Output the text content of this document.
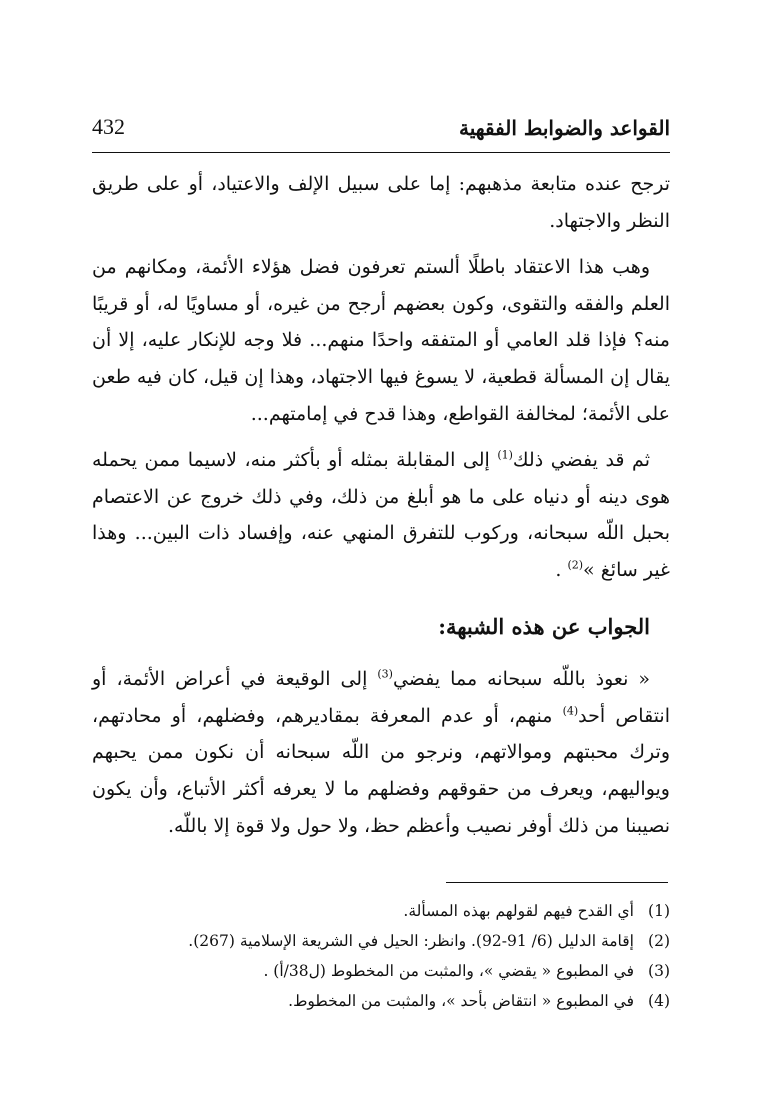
القواعد والضوابط الفقهية
432

ترجح عنده متابعة مذهبهم: إما على سبيل الإلف والاعتياد، أو على طريق النظر والاجتهاد.

وهب هذا الاعتقاد باطلًا ألستم تعرفون فضل هؤلاء الأئمة، ومكانهم من العلم والفقه والتقوى، وكون بعضهم أرجح من غيره، أو مساويًا له، أو قريبًا منه؟ فإذا قلد العامي أو المتفقه واحدًا منهم... فلا وجه للإنكار عليه، إلا أن يقال إن المسألة قطعية، لا يسوغ فيها الاجتهاد، وهذا إن قيل، كان فيه طعن على الأئمة؛ لمخالفة القواطع، وهذا قدح في إمامتهم...

ثم قد يفضي ذلك$^{(1)}$ إلى المقابلة بمثله أو بأكثر منه، لاسيما ممن يحمله هوى دينه أو دنياه على ما هو أبلغ من ذلك، وفي ذلك خروج عن الاعتصام بحبل اللّه سبحانه، وركوب للتفرق المنهي عنه، وإفساد ذات البين... وهذا غير سائغ »$^{(2)}$ .

الجواب عن هذه الشبهة:

« نعوذ باللّه سبحانه مما يفضي$^{(3)}$ إلى الوقيعة في أعراض الأئمة، أو انتقاص أحد$^{(4)}$ منهم، أو عدم المعرفة بمقاديرهم، وفضلهم، أو محادتهم، وترك محبتهم وموالاتهم، ونرجو من اللّه سبحانه أن نكون ممن يحبهم ويواليهم، ويعرف من حقوقهم وفضلهم ما لا يعرفه أكثر الأتباع، وأن يكون نصيبنا من ذلك أوفر نصيب وأعظم حظ، ولا حول ولا قوة إلا باللّه.

(1)
أي القدح فيهم لقولهم بهذه المسألة.
(2)
إقامة الدليل (6/ 91-92). وانظر: الحيل في الشريعة الإسلامية (267).
(3)
في المطبوع « يقضي »، والمثبت من المخطوط (ل38/أ) .
(4)
في المطبوع « انتقاض بأحد »، والمثبت من المخطوط.
